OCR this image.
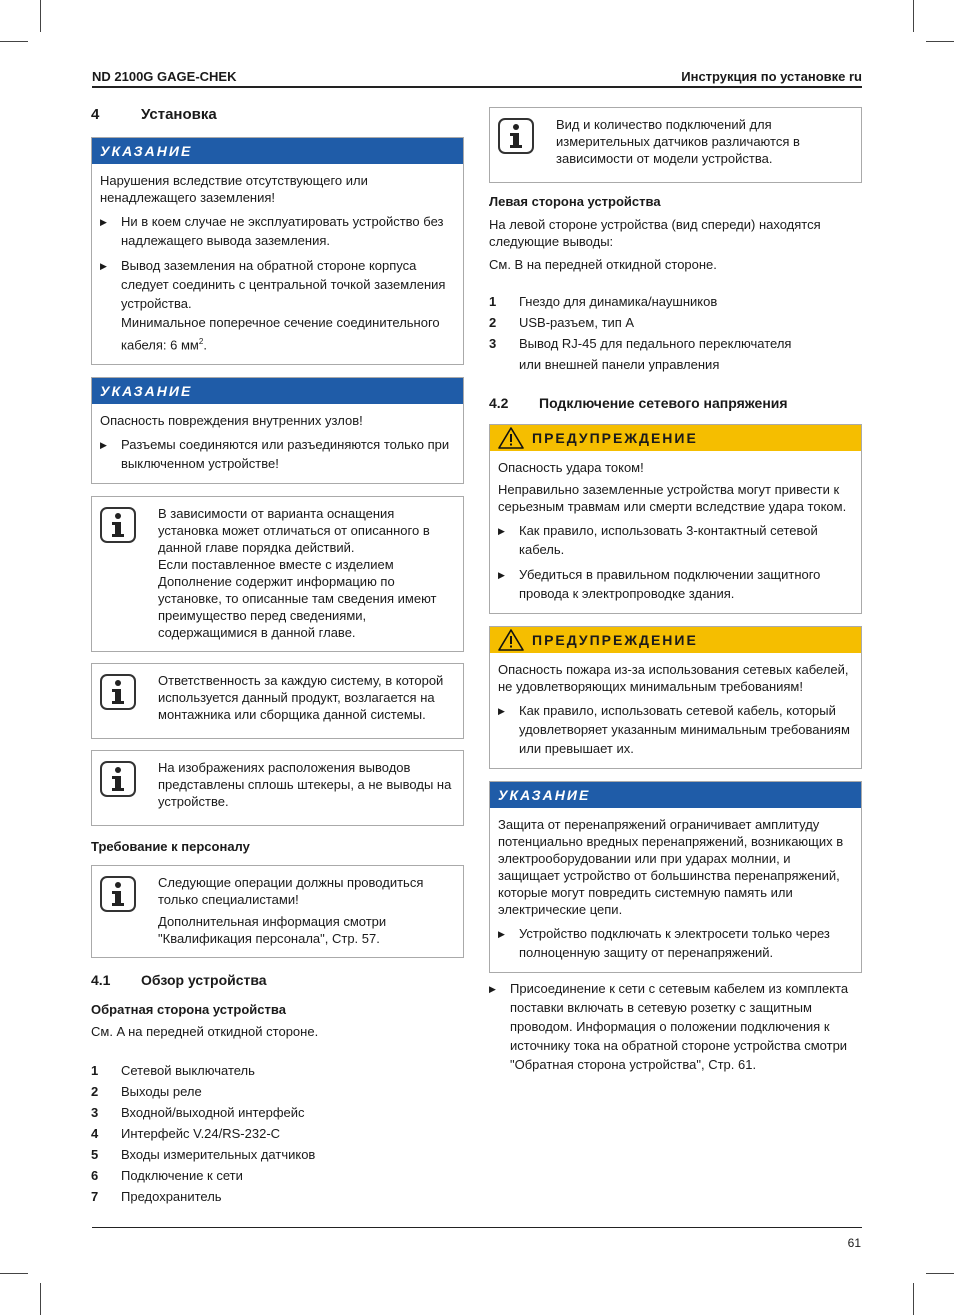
ND 2100G GAGE-CHEK	Инструкция по установке ru
4	Установка
УКАЗАНИЕ

Нарушения вследствие отсутствующего или ненадлежащего заземления!

▶	Ни в коем случае не эксплуатировать устройство без надлежащего вывода заземления.
▶	Вывод заземления на обратной стороне корпуса следует соединить с центральной точкой заземления устройства.
Минимальное поперечное сечение соединительного кабеля: 6 $мм^2$.
УКАЗАНИЕ

Опасность повреждения внутренних узлов!

▶	Разъемы соединяются или разъединяются только при выключенном устройстве!

В зависимости от варианта оснащения установка может отличаться от описанного в данной главе порядка действий.

Если поставленное вместе с изделием Дополнение содержит информацию по установке, то описанные там сведения имеют преимущество перед сведениями, содержащимися в данной главе.

Ответственность за каждую систему, в которой используется данный продукт, возлагается на монтажника или сборщика данной системы.

На изображениях расположения выводов представлены сплошь штекеры, а не выводы на устройстве.

Требование к персоналу

Следующие операции должны проводиться только специалистами!

Дополнительная информация смотри "Квалификация персонала", Стр. 57.

4.1	Обзор устройства

Обратная сторона устройства

См. A на передней откидной стороне.

1	Сетевой выключатель
2	Выходы реле
3	Входной/выходной интерфейс
4	Интерфейс V.24/RS-232-C
5	Входы измерительных датчиков
6	Подключение к сети
7	Предохранитель

Вид и количество подключений для измерительных датчиков различаются в зависимости от модели устройства.

Левая сторона устройства

На левой стороне устройства (вид спереди) находятся следующие выводы:

См. B на передней откидной стороне.

1	Гнездо для динамика/наушников
2	USB-разъем, тип A
3	Вывод RJ-45 для педального переключателя
или внешней панели управления
4.2	Подключение сетевого напряжения
ПРЕДУПРЕЖДЕНИЕ

Опасность удара током!

Неправильно заземленные устройства могут привести к серьезным травмам или смерти вследствие удара током.

▶	Как правило, использовать 3-контактный сетевой кабель.
▶	Убедиться в правильном подключении защитного провода к электропроводке здания.
ПРЕДУПРЕЖДЕНИЕ

Опасность пожара из-за использования сетевых кабелей, не удовлетворяющих минимальным требованиям!

▶	Как правило, использовать сетевой кабель, который удовлетворяет указанным минимальным требованиям или превышает их.
УКАЗАНИЕ

Защита от перенапряжений ограничивает амплитуду потенциально вредных перенапряжений, возникающих в электрооборудовании или при ударах молнии, и защищает устройство от большинства перенапряжений, которые могут повредить системную память или электрические цепи.

▶	Устройство подключать к электросети только через полноценную защиту от перенапряжений.
▶	Присоединение к сети с сетевым кабелем из комплекта поставки включать в сетевую розетку с защитным проводом. Информация о положении подключения к источнику тока на обратной стороне устройства смотри "Обратная сторона устройства", Стр. 61.
61
